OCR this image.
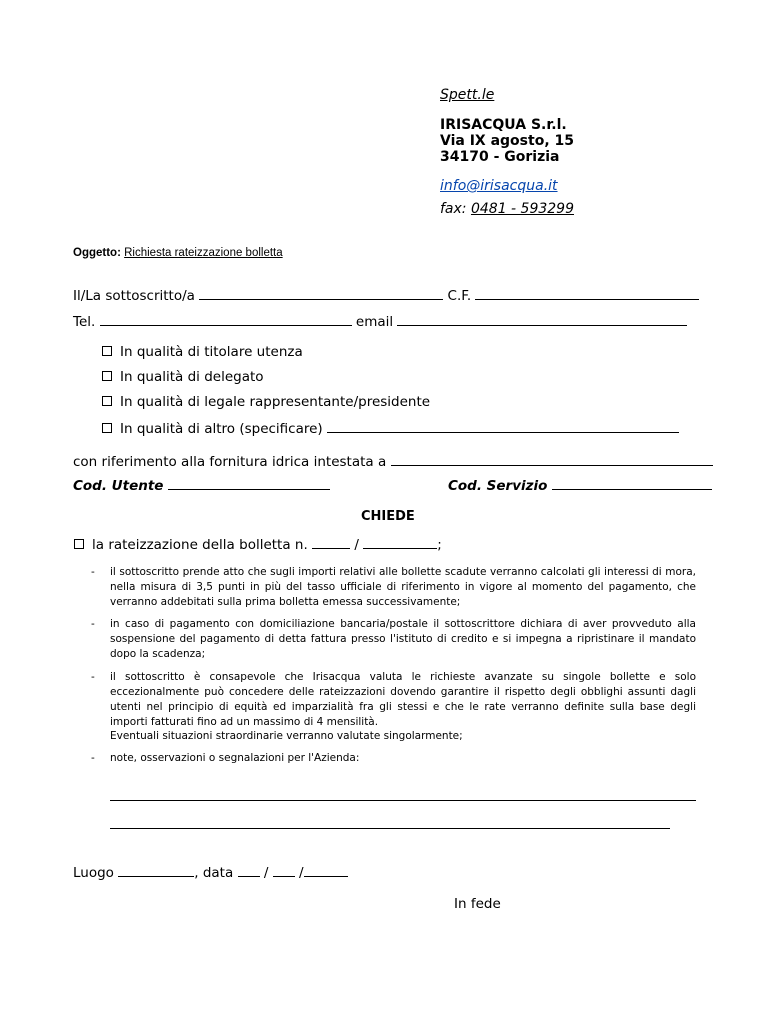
Spett.le
IRISACQUA S.r.l.
Via IX agosto, 15
34170 - Gorizia
info@irisacqua.it
fax: 0481 - 593299
Oggetto: Richiesta rateizzazione bolletta
Il/La sottoscritto/a	C.F.
Tel.	email
In qualità di titolare utenza
In qualità di delegato
In qualità di legale rappresentante/presidente
In qualità di altro (specificare)
con riferimento alla fornitura idrica intestata a
Cod. Utente	Cod. Servizio
CHIEDE
la rateizzazione della bolletta n.	/	;
- il sottoscritto prende atto che sugli importi relativi alle bollette scadute verranno calcolati gli interessi di mora, nella misura di 3,5 punti in più del tasso ufficiale di riferimento in vigore al momento del pagamento, che verranno addebitati sulla prima bolletta emessa successivamente;
- in caso di pagamento con domiciliazione bancaria/postale il sottoscrittore dichiara di aver provveduto alla sospensione del pagamento di detta fattura presso l'istituto di credito e si impegna a ripristinare il mandato dopo la scadenza;
- il sottoscritto è consapevole che Irisacqua valuta le richieste avanzate su singole bollette e solo eccezionalmente può concedere delle rateizzazioni dovendo garantire il rispetto degli obblighi assunti dagli utenti nel principio di equità ed imparzialità fra gli stessi e che le rate verranno definite sulla base degli importi fatturati fino ad un massimo di 4 mensilità.
Eventuali situazioni straordinarie verranno valutate singolarmente;
- note, osservazioni o segnalazioni per l'Azienda:
Luogo	, data / /
In fede
